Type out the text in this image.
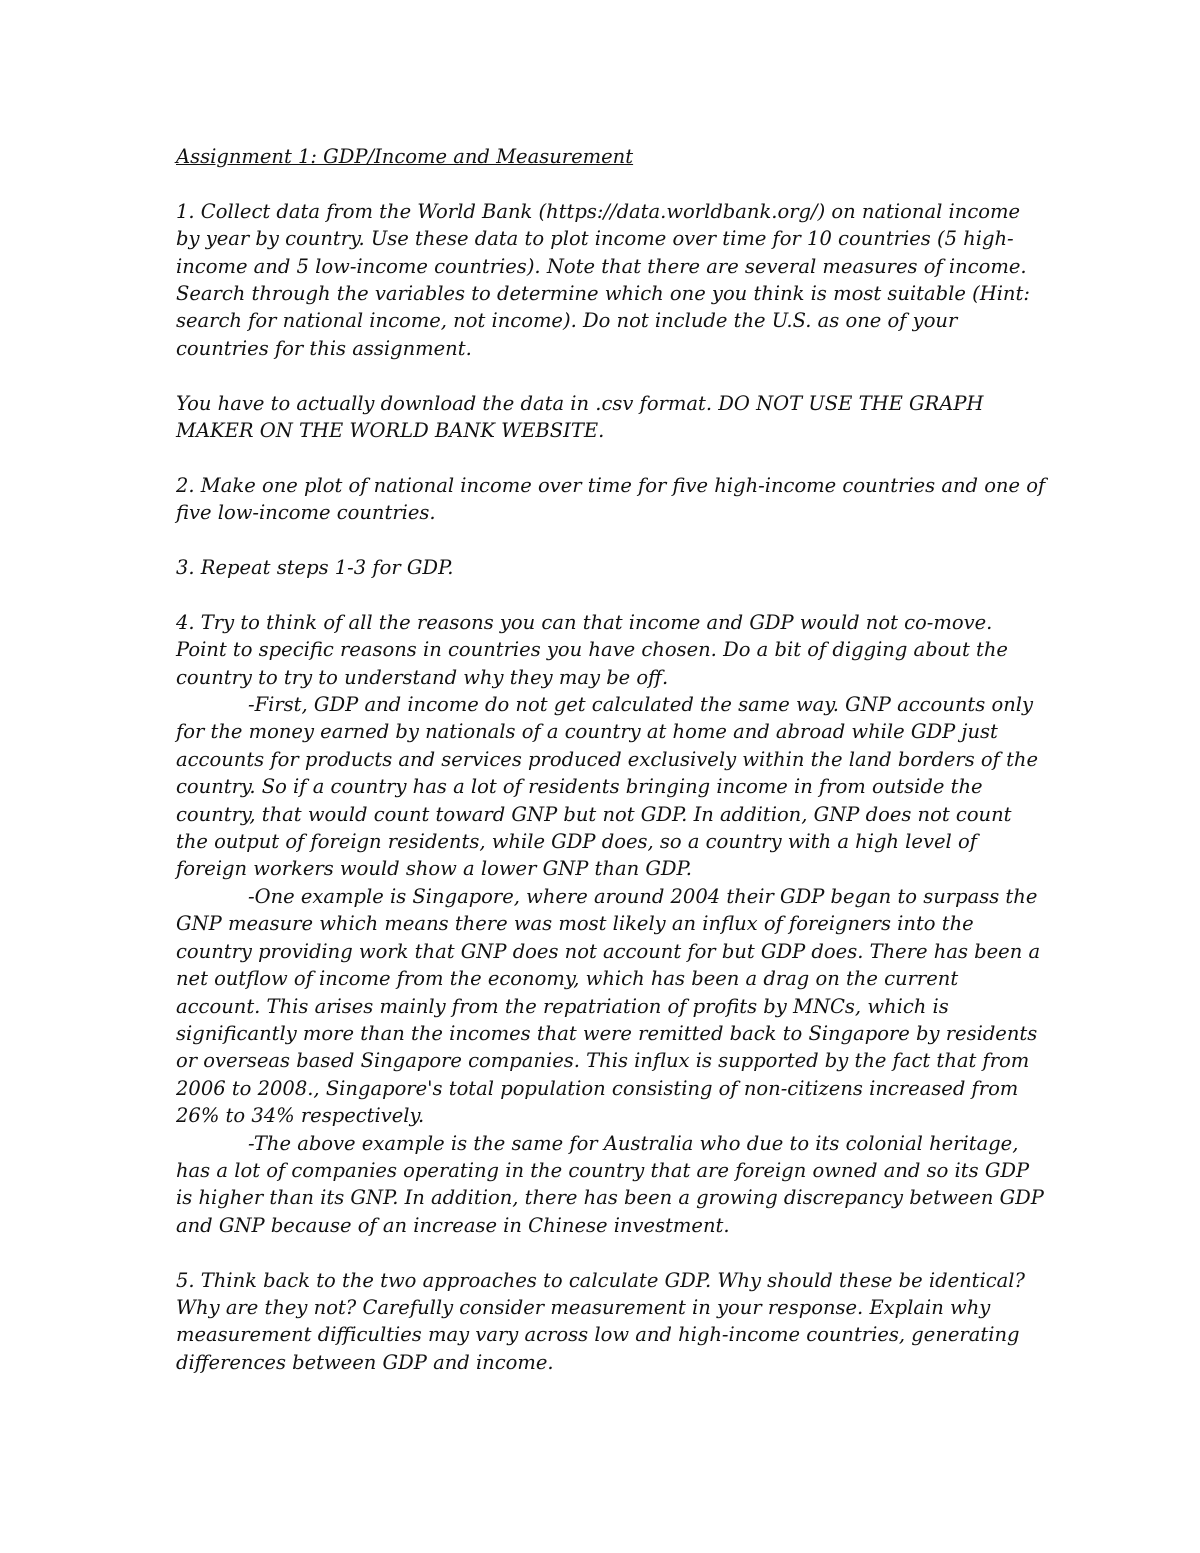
Assignment 1: GDP/Income and Measurement
1. Collect data from the World Bank (https://data.worldbank.org/) on national income
by year by country. Use these data to plot income over time for 10 countries (5 high-
income and 5 low-income countries). Note that there are several measures of income.
Search through the variables to determine which one you think is most suitable (Hint:
search for national income, not income). Do not include the U.S. as one of your
countries for this assignment.
You have to actually download the data in .csv format. DO NOT USE THE GRAPH
MAKER ON THE WORLD BANK WEBSITE.
2. Make one plot of national income over time for five high-income countries and one of
five low-income countries.
3. Repeat steps 1-3 for GDP.
4. Try to think of all the reasons you can that income and GDP would not co-move.
Point to specific reasons in countries you have chosen. Do a bit of digging about the
country to try to understand why they may be off.
-First, GDP and income do not get calculated the same way. GNP accounts only
for the money earned by nationals of a country at home and abroad while GDP just
accounts for products and services produced exclusively within the land borders of the
country. So if a country has a lot of residents bringing income in from outside the
country, that would count toward GNP but not GDP. In addition, GNP does not count
the output of foreign residents, while GDP does, so a country with a high level of
foreign workers would show a lower GNP than GDP.
-One example is Singapore, where around 2004 their GDP began to surpass the
GNP measure which means there was most likely an influx of foreigners into the
country providing work that GNP does not account for but GDP does. There has been a
net outflow of income from the economy, which has been a drag on the current
account. This arises mainly from the repatriation of profits by MNCs, which is
significantly more than the incomes that were remitted back to Singapore by residents
or overseas based Singapore companies. This influx is supported by the fact that from
2006 to 2008., Singapore's total population consisting of non-citizens increased from
26% to 34% respectively.
-The above example is the same for Australia who due to its colonial heritage,
has a lot of companies operating in the country that are foreign owned and so its GDP
is higher than its GNP. In addition, there has been a growing discrepancy between GDP
and GNP because of an increase in Chinese investment.
5. Think back to the two approaches to calculate GDP. Why should these be identical?
Why are they not? Carefully consider measurement in your response. Explain why
measurement difficulties may vary across low and high-income countries, generating
differences between GDP and income.
